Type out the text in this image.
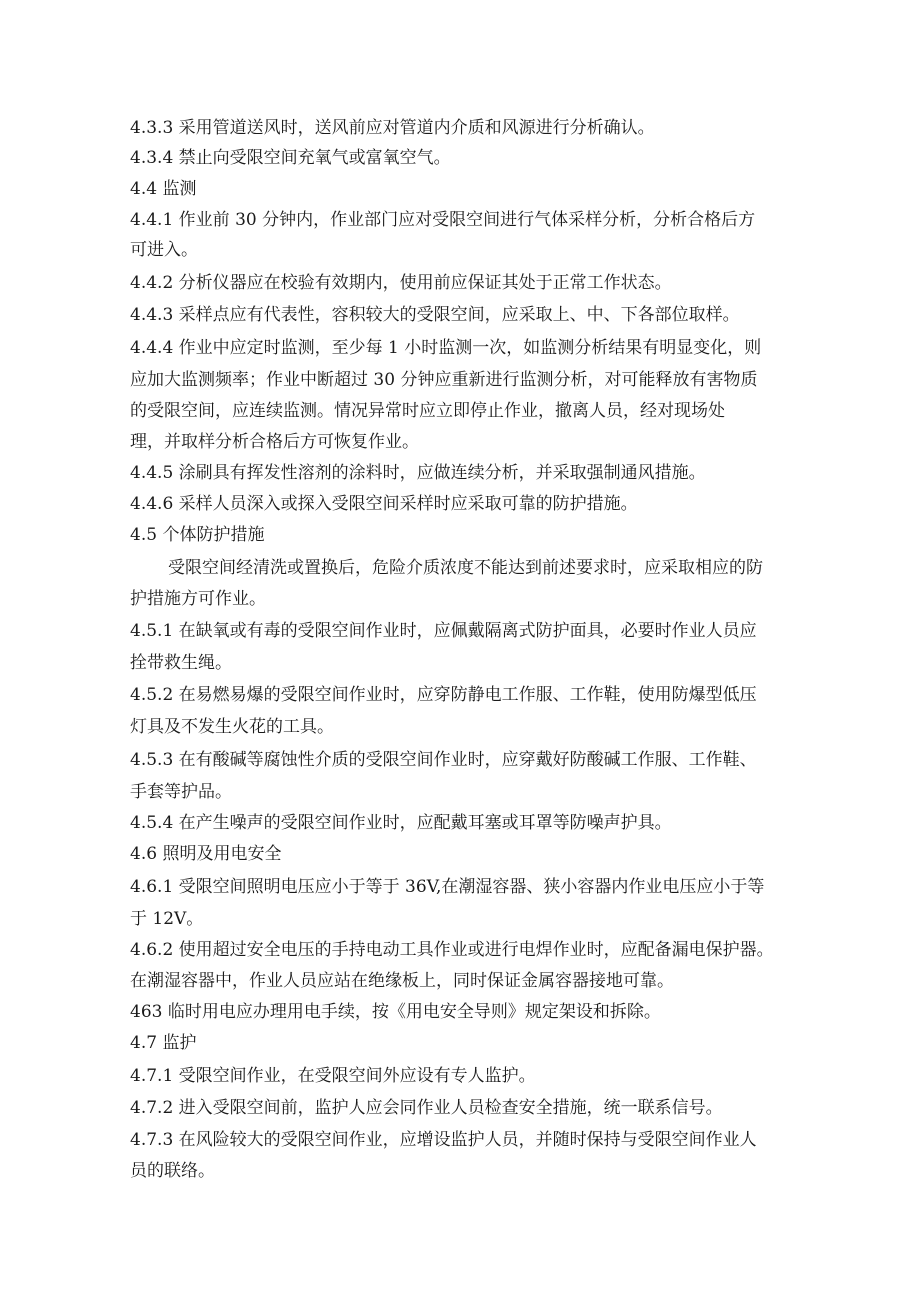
4.3.3 采用管道送风时，送风前应对管道内介质和风源进行分析确认。
4.3.4 禁止向受限空间充氧气或富氧空气。
4.4 监测
4.4.1 作业前 30 分钟内，作业部门应对受限空间进行气体采样分析，分析合格后方
可进入。
4.4.2 分析仪器应在校验有效期内，使用前应保证其处于正常工作状态。
4.4.3 采样点应有代表性，容积较大的受限空间，应采取上、中、下各部位取样。
4.4.4 作业中应定时监测，至少每 1 小时监测一次，如监测分析结果有明显变化，则
应加大监测频率；作业中断超过 30 分钟应重新进行监测分析，对可能释放有害物质
的受限空间，应连续监测。情况异常时应立即停止作业，撤离人员，经对现场处
理，并取样分析合格后方可恢复作业。
4.4.5 涂刷具有挥发性溶剂的涂料时，应做连续分析，并采取强制通风措施。
4.4.6 采样人员深入或探入受限空间采样时应采取可靠的防护措施。
4.5 个体防护措施
受限空间经清洗或置换后，危险介质浓度不能达到前述要求时，应采取相应的防
护措施方可作业。
4.5.1 在缺氧或有毒的受限空间作业时，应佩戴隔离式防护面具，必要时作业人员应
拴带救生绳。
4.5.2 在易燃易爆的受限空间作业时，应穿防静电工作服、工作鞋，使用防爆型低压
灯具及不发生火花的工具。
4.5.3 在有酸碱等腐蚀性介质的受限空间作业时，应穿戴好防酸碱工作服、工作鞋、
手套等护品。
4.5.4 在产生噪声的受限空间作业时，应配戴耳塞或耳罩等防噪声护具。
4.6 照明及用电安全
4.6.1 受限空间照明电压应小于等于 36V,在潮湿容器、狭小容器内作业电压应小于等
于 12V。
4.6.2 使用超过安全电压的手持电动工具作业或进行电焊作业时，应配备漏电保护器。
在潮湿容器中，作业人员应站在绝缘板上，同时保证金属容器接地可靠。
463 临时用电应办理用电手续，按《用电安全导则》规定架设和拆除。
4.7 监护
4.7.1 受限空间作业，在受限空间外应设有专人监护。
4.7.2 进入受限空间前，监护人应会同作业人员检查安全措施，统一联系信号。
4.7.3 在风险较大的受限空间作业，应增设监护人员，并随时保持与受限空间作业人
员的联络。
